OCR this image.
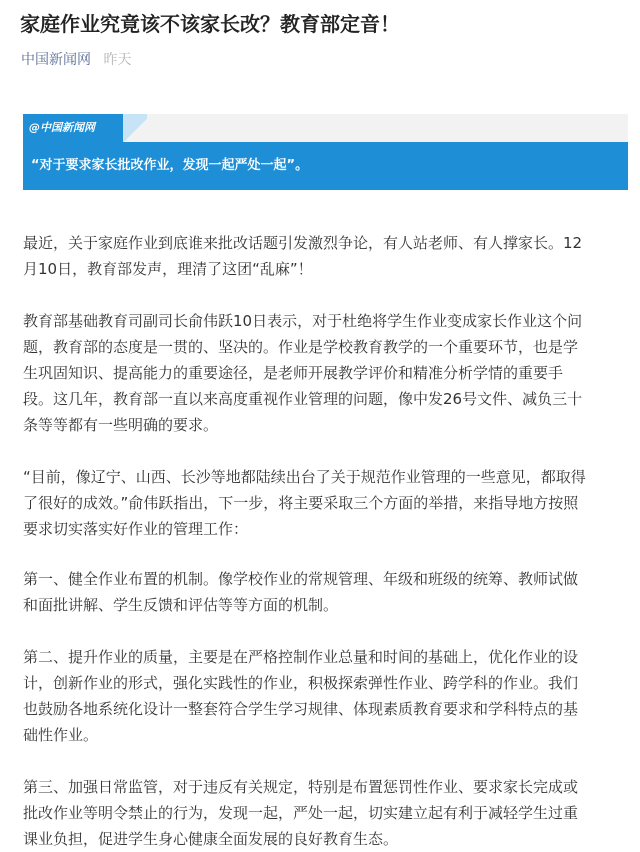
家庭作业究竟该不该家长改？教育部定音！
中国新闻网 昨天
@中国新闻网
“对于要求家长批改作业，发现一起严处一起”。
最近，关于家庭作业到底谁来批改话题引发激烈争论，有人站老师、有人撑家长。12
月10日，教育部发声，理清了这团“乱麻”！
教育部基础教育司副司长俞伟跃10日表示，对于杜绝将学生作业变成家长作业这个问
题，教育部的态度是一贯的、坚决的。作业是学校教育教学的一个重要环节，也是学
生巩固知识、提高能力的重要途径，是老师开展教学评价和精准分析学情的重要手
段。这几年，教育部一直以来高度重视作业管理的问题，像中发26号文件、减负三十
条等等都有一些明确的要求。
“目前，像辽宁、山西、长沙等地都陆续出台了关于规范作业管理的一些意见，都取得
了很好的成效。”俞伟跃指出，下一步，将主要采取三个方面的举措，来指导地方按照
要求切实落实好作业的管理工作：
第一、健全作业布置的机制。像学校作业的常规管理、年级和班级的统筹、教师试做
和面批讲解、学生反馈和评估等等方面的机制。
第二、提升作业的质量，主要是在严格控制作业总量和时间的基础上，优化作业的设
计，创新作业的形式，强化实践性的作业，积极探索弹性作业、跨学科的作业。我们
也鼓励各地系统化设计一整套符合学生学习规律、体现素质教育要求和学科特点的基
础性作业。
第三、加强日常监管，对于违反有关规定，特别是布置惩罚性作业、要求家长完成或
批改作业等明令禁止的行为，发现一起，严处一起，切实建立起有利于减轻学生过重
课业负担，促进学生身心健康全面发展的良好教育生态。
